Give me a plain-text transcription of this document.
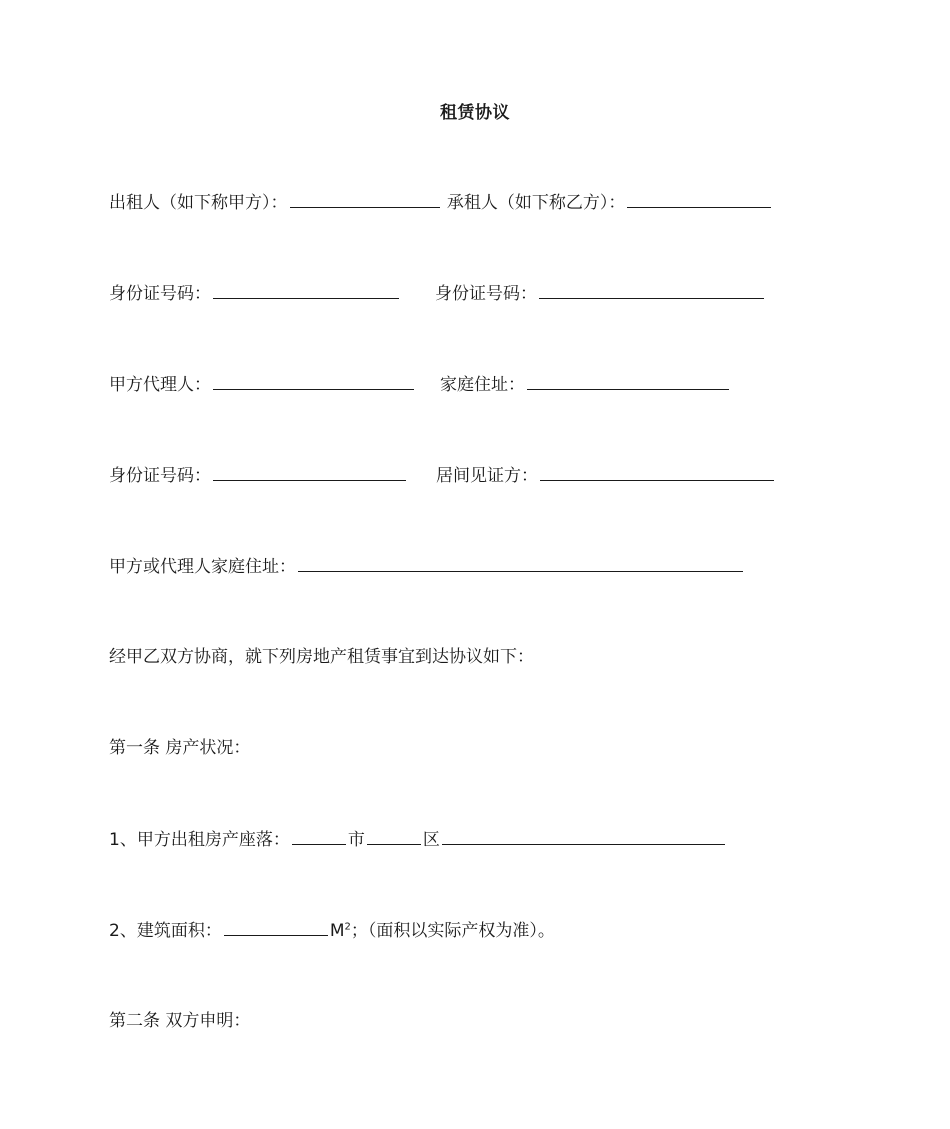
租赁协议
出租人（如下称甲方）：	承租人（如下称乙方）：
身份证号码：	身份证号码：
甲方代理人：	家庭住址：
身份证号码：	居间见证方：
甲方或代理人家庭住址：
经甲乙双方协商，就下列房地产租赁事宜到达协议如下：
第一条 房产状况：
1、甲方出租房产座落：	市	区
2、建筑面积：	$M^2$；（面积以实际产权为准）。
第二条 双方申明：
